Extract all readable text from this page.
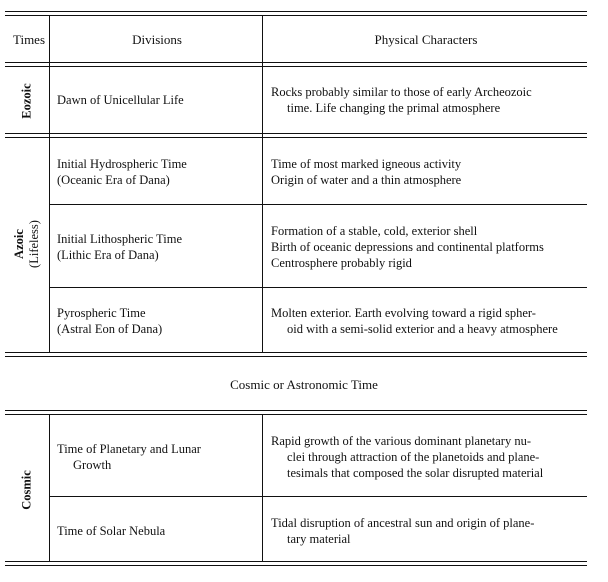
Times	Divisions	Physical Characters
Eozoic Dawn of Unicellular Life
Rocks probably similar to those of early Archeozoic
time. Life changing the primal atmosphere
Azoic (Lifeless)
Initial Hydrospheric Time
(Oceanic Era of Dana)
Time of most marked igneous activity
Origin of water and a thin atmosphere
Initial Lithospheric Time
(Lithic Era of Dana)
Formation of a stable, cold, exterior shell
Birth of oceanic depressions and continental platforms
Centrosphere probably rigid
Pyrospheric Time
(Astral Eon of Dana)
Molten exterior. Earth evolving toward a rigid spher-
oid with a semi-solid exterior and a heavy atmosphere
Cosmic or Astronomic Time
Cosmic
Time of Planetary and Lunar
Growth
Rapid growth of the various dominant planetary nu-
clei through attraction of the planetoids and plane-
tesimals that composed the solar disrupted material
Time of Solar Nebula
Tidal disruption of ancestral sun and origin of plane-
tary material
